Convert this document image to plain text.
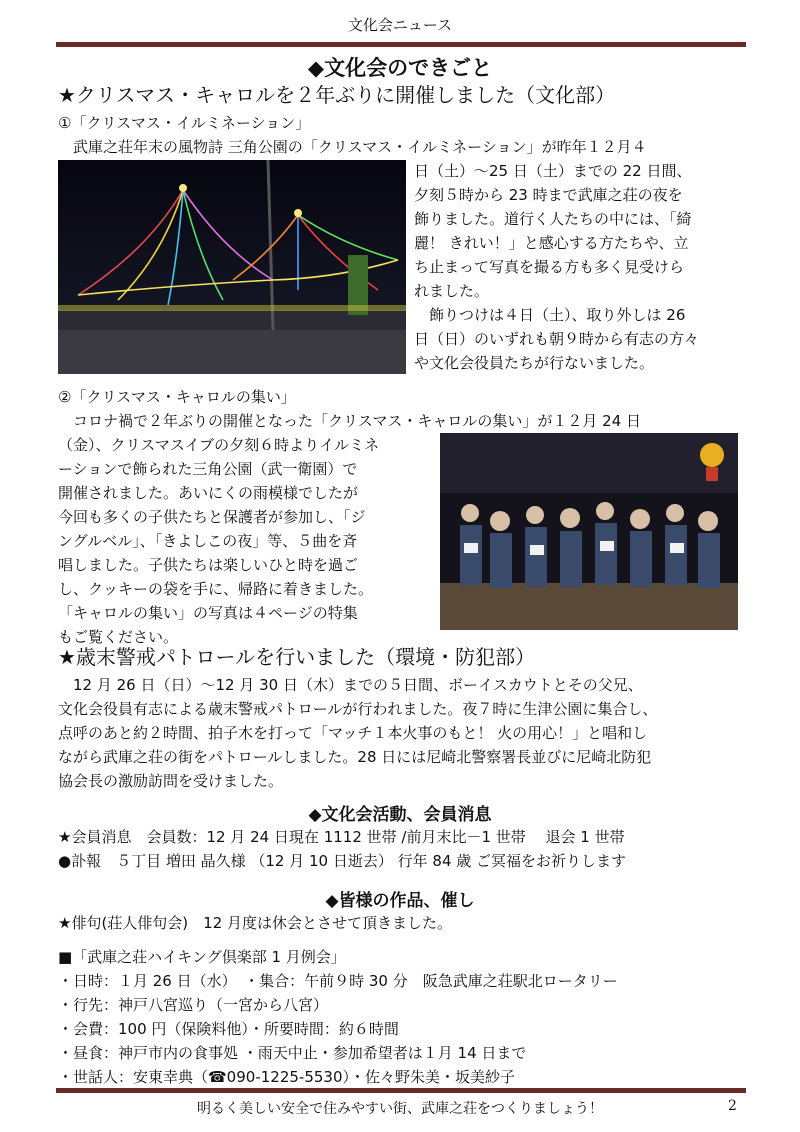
文化会ニュース
◆文化会のできごと
★クリスマス・キャロルを２年ぶりに開催しました（文化部）
①「クリスマス・イルミネーション」
　武庫之荘年末の風物詩 三角公園の「クリスマス・イルミネーション」が昨年１２月４
日（土）～25 日（土）までの 22 日間、
夕刻５時から 23 時まで武庫之荘の夜を
飾りました。道行く人たちの中には、「綺
麗！ きれい！」と感心する方たちや、立
ち止まって写真を撮る方も多く見受けら
れました。
　飾りつけは４日（土）、取り外しは 26
日（日）のいずれも朝９時から有志の方々
や文化会役員たちが行ないました。
②「クリスマス・キャロルの集い」
　コロナ禍で２年ぶりの開催となった「クリスマス・キャロルの集い」が１２月 24 日
（金）、クリスマスイブの夕刻６時よりイルミネ
ーションで飾られた三角公園（武一衛園）で
開催されました。あいにくの雨模様でしたが
今回も多くの子供たちと保護者が参加し、「ジ
ングルベル」、「きよしこの夜」等、５曲を斉
唱しました。子供たちは楽しいひと時を過ご
し、クッキーの袋を手に、帰路に着きました。
「キャロルの集い」の写真は４ページの特集
もご覧ください。
★歳末警戒パトロールを行いました（環境・防犯部）
　12 月 26 日（日）～12 月 30 日（木）までの５日間、ボーイスカウトとその父兄、
文化会役員有志による歳末警戒パトロールが行われました。夜７時に生津公園に集合し、
点呼のあと約２時間、拍子木を打って「マッチ１本火事のもと！ 火の用心！」と唱和し
ながら武庫之荘の街をパトロールしました。28 日には尼崎北警察署長並びに尼崎北防犯
協会長の激励訪問を受けました。
◆文化会活動、会員消息
★会員消息　会員数：12 月 24 日現在 1112 世帯 /前月末比－1 世帯　 退会 1 世帯
●訃報　５丁目 増田 晶久様 （12 月 10 日逝去） 行年 84 歳 ご冥福をお祈りします
◆皆様の作品、催し
★俳句(荘人俳句会)　12 月度は休会とさせて頂きました。
■「武庫之荘ハイキング倶楽部 1 月例会」
・日時：１月 26 日（水）　・集合：午前９時 30 分　阪急武庫之荘駅北ロータリー
・行先：神戸八宮巡り（一宮から八宮）
・会費：100 円（保険料他）・所要時間：約６時間
・昼食：神戸市内の食事処 ・雨天中止・参加希望者は１月 14 日まで
・世話人：安東幸典（☎090-1225-5530）・佐々野朱美・坂美紗子
明るく美しい安全で住みやすい街、武庫之荘をつくりましょう！	2
